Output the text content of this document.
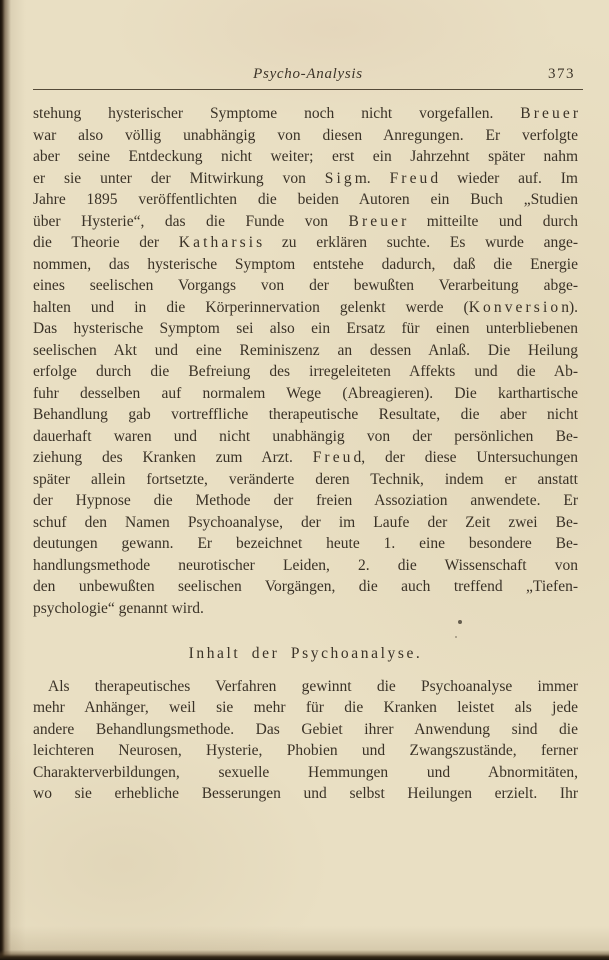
Psycho-Analysis	373
stehung hysterischer Symptome noch nicht vorgefallen. B r e u e r
war also völlig unabhängig von diesen Anregungen. Er verfolgte
aber seine Entdeckung nicht weiter; erst ein Jahrzehnt später nahm
er sie unter der Mitwirkung von S i g m. F r e u d wieder auf. Im
Jahre 1895 veröffentlichten die beiden Autoren ein Buch „Studien
über Hysterie“, das die Funde von B r e u e r mitteilte und durch
die Theorie der K a t h a r s i s zu erklären suchte. Es wurde ange-
nommen, das hysterische Symptom entstehe dadurch, daß die Energie
eines seelischen Vorgangs von der bewußten Verarbeitung abge-
halten und in die Körperinnervation gelenkt werde (K o n v e r s i o n).
Das hysterische Symptom sei also ein Ersatz für einen unterbliebenen
seelischen Akt und eine Reminiszenz an dessen Anlaß. Die Heilung
erfolge durch die Befreiung des irregeleiteten Affekts und die Ab-
fuhr desselben auf normalem Wege (Abreagieren). Die karthartische
Behandlung gab vortreffliche therapeutische Resultate, die aber nicht
dauerhaft waren und nicht unabhängig von der persönlichen Be-
ziehung des Kranken zum Arzt. F r e u d, der diese Untersuchungen
später allein fortsetzte, veränderte deren Technik, indem er anstatt
der Hypnose die Methode der freien Assoziation anwendete. Er
schuf den Namen Psychoanalyse, der im Laufe der Zeit zwei Be-
deutungen gewann. Er bezeichnet heute 1. eine besondere Be-
handlungsmethode neurotischer Leiden, 2. die Wissenschaft von
den unbewußten seelischen Vorgängen, die auch treffend „Tiefen-
psychologie“ genannt wird.
Inhalt der Psychoanalyse.
Als therapeutisches Verfahren gewinnt die Psychoanalyse immer
mehr Anhänger, weil sie mehr für die Kranken leistet als jede
andere Behandlungsmethode. Das Gebiet ihrer Anwendung sind die
leichteren Neurosen, Hysterie, Phobien und Zwangszustände, ferner
Charakterverbildungen, sexuelle Hemmungen und Abnormitäten,
wo sie erhebliche Besserungen und selbst Heilungen erzielt. Ihr
